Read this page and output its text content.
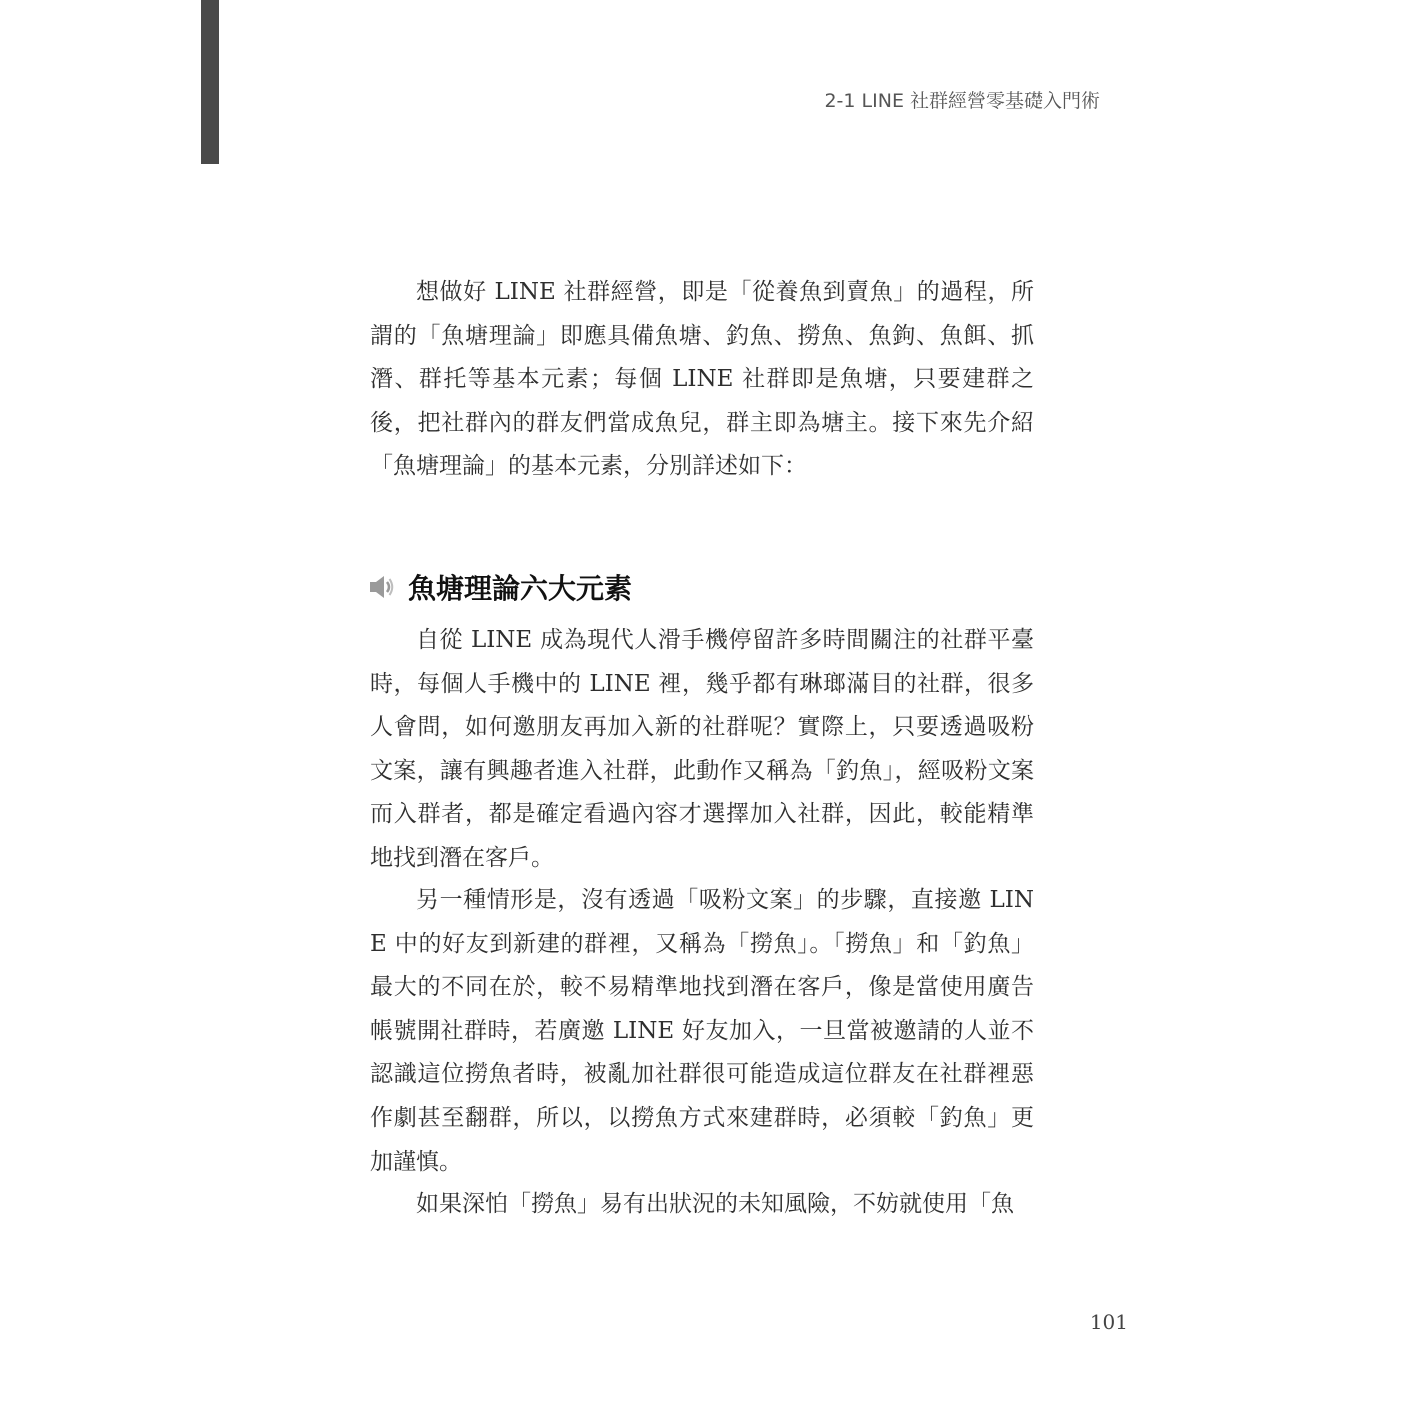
2-1 LINE 社群經營零基礎入門術

想做好 LINE 社群經營，即是「從養魚到賣魚」的過程，所謂的「魚塘理論」即應具備魚塘、釣魚、撈魚、魚鉤、魚餌、抓潛、群托等基本元素；每個 LINE 社群即是魚塘，只要建群之後，把社群內的群友們當成魚兒，群主即為塘主。接下來先介紹「魚塘理論」的基本元素，分別詳述如下：

魚塘理論六大元素

自從 LINE 成為現代人滑手機停留許多時間關注的社群平臺時，每個人手機中的 LINE 裡，幾乎都有琳瑯滿目的社群，很多人會問，如何邀朋友再加入新的社群呢？實際上，只要透過吸粉文案，讓有興趣者進入社群，此動作又稱為「釣魚」，經吸粉文案而入群者，都是確定看過內容才選擇加入社群，因此，較能精準地找到潛在客戶。

另一種情形是，沒有透過「吸粉文案」的步驟，直接邀 LINE 中的好友到新建的群裡，又稱為「撈魚」。「撈魚」和「釣魚」最大的不同在於，較不易精準地找到潛在客戶，像是當使用廣告帳號開社群時，若廣邀 LINE 好友加入，一旦當被邀請的人並不認識這位撈魚者時，被亂加社群很可能造成這位群友在社群裡惡作劇甚至翻群，所以，以撈魚方式來建群時，必須較「釣魚」更加謹慎。

如果深怕「撈魚」易有出狀況的未知風險，不妨就使用「魚

101
